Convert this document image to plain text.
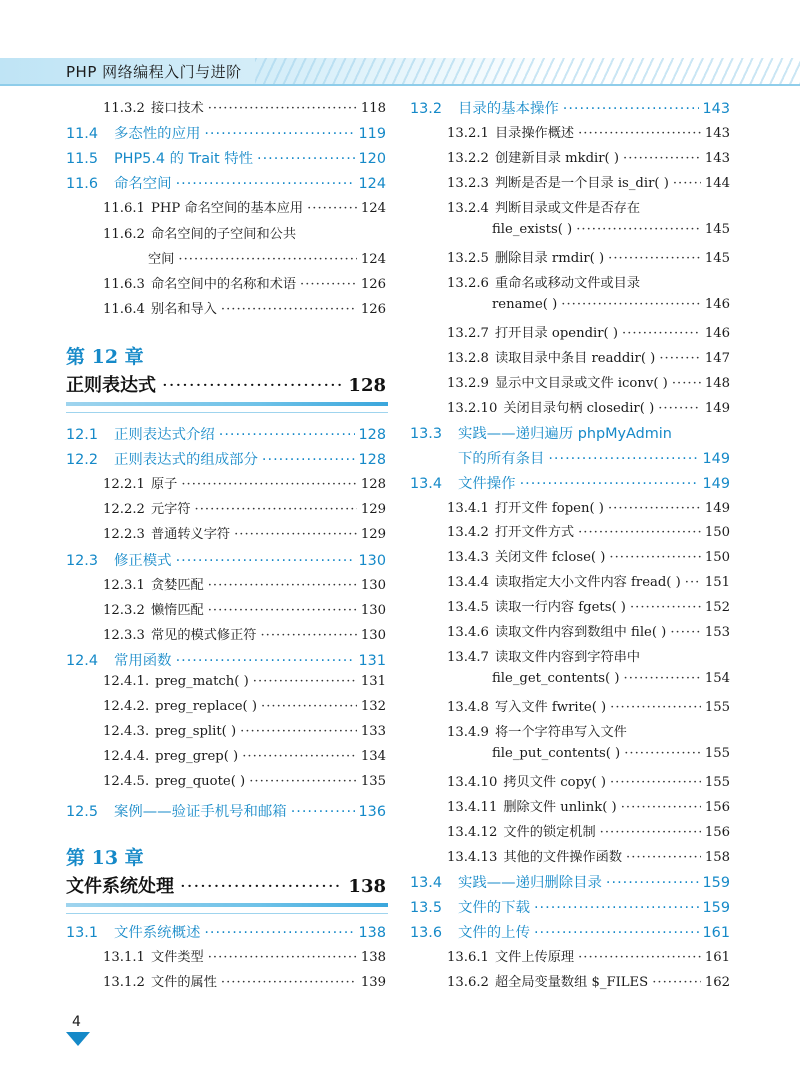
PHP 网络编程入门与进阶
11.3.2 接口技术 ·····	118
11.4	多态性的应用 ·····	119
11.5	PHP5.4 的 Trait 特性 ·····	120
11.6	命名空间 ·····	124
11.6.1 PHP 命名空间的基本应用 ·····	124
11.6.2 命名空间的子空间和公共
空间 ·····	124
11.6.3 命名空间中的名称和术语 ·····	126
11.6.4 别名和导入 ·····	126
第 12 章
正则表达式 ·····	128
12.1	正则表达式介绍 ·····	128
12.2	正则表达式的组成部分 ·····	128
12.2.1 原子 ·····	128
12.2.2 元字符 ·····	129
12.2.3 普通转义字符 ·····	129
12.3	修正模式 ·····	130
12.3.1 贪婪匹配 ·····	130
12.3.2 懒惰匹配 ·····	130
12.3.3 常见的模式修正符 ·····	130
12.4	常用函数 ·····	131
12.4.1. preg_match( ) ·····	131
12.4.2. preg_replace( ) ·····	132
12.4.3. preg_split( ) ·····	133
12.4.4. preg_grep( ) ·····	134
12.4.5. preg_quote( ) ·····	135
12.5	案例——验证手机号和邮箱 ·····	136
第 13 章
文件系统处理 ·····	138
13.1	文件系统概述 ·····	138
13.1.1 文件类型 ·····	138
13.1.2 文件的属性 ·····	139
13.2	目录的基本操作 ·····	143
13.2.1 目录操作概述 ·····	143
13.2.2 创建新目录 mkdir( ) ·····	143
13.2.3 判断是否是一个目录 is_dir( ) ·····	144
13.2.4 判断目录或文件是否存在
file_exists( ) ·····	145
13.2.5 删除目录 rmdir( ) ·····	145
13.2.6 重命名或移动文件或目录
rename( ) ·····	146
13.2.7 打开目录 opendir( ) ·····	146
13.2.8 读取目录中条目 readdir( ) ·····	147
13.2.9 显示中文目录或文件 iconv( ) ·····	148
13.2.10 关闭目录句柄 closedir( ) ·····	149
13.3	实践——递归遍历 phpMyAdmin
下的所有条目 ·····	149
13.4	文件操作 ·····	149
13.4.1 打开文件 fopen( ) ·····	149
13.4.2 打开文件方式 ·····	150
13.4.3 关闭文件 fclose( ) ·····	150
13.4.4 读取指定大小文件内容 fread( ) ····· 151
13.4.5 读取一行内容 fgets( ) ·····	152
13.4.6 读取文件内容到数组中 file( ) ·····	153
13.4.7 读取文件内容到字符串中
file_get_contents( ) ·····	154
13.4.8 写入文件 fwrite( ) ·····	155
13.4.9 将一个字符串写入文件
file_put_contents( ) ·····	155
13.4.10 拷贝文件 copy( ) ·····	155
13.4.11 删除文件 unlink( ) ·····	156
13.4.12 文件的锁定机制 ·····	156
13.4.13 其他的文件操作函数 ·····	158
13.4	实践——递归删除目录 ·····	159
13.5	文件的下载 ·····	159
13.6	文件的上传 ·····	161
13.6.1 文件上传原理 ·····	161
13.6.2 超全局变量数组 $_FILES ·····	162
4
